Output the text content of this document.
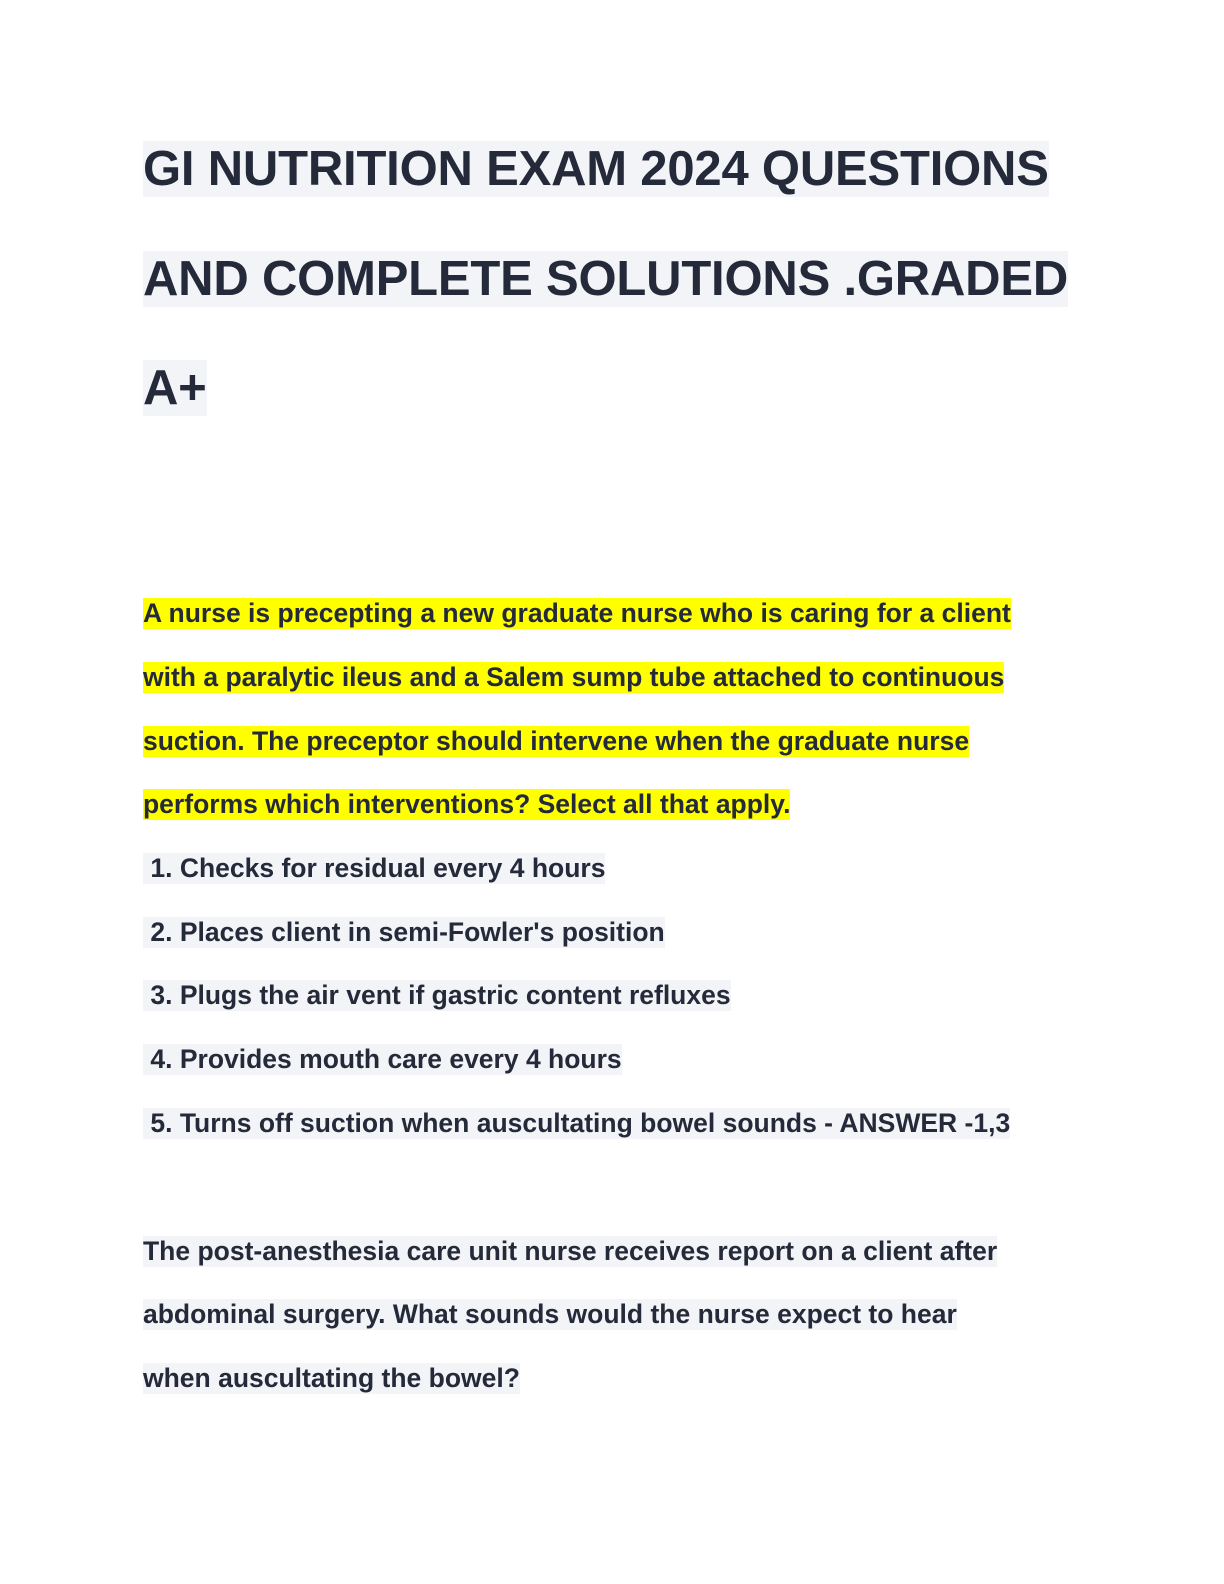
GI NUTRITION EXAM 2024 QUESTIONS
AND COMPLETE SOLUTIONS .GRADED
A+
A nurse is precepting a new graduate nurse who is caring for a client
with a paralytic ileus and a Salem sump tube attached to continuous
suction. The preceptor should intervene when the graduate nurse
performs which interventions? Select all that apply.
1. Checks for residual every 4 hours
2. Places client in semi-Fowler's position
3. Plugs the air vent if gastric content refluxes
4. Provides mouth care every 4 hours
5. Turns off suction when auscultating bowel sounds - ANSWER -1,3
The post-anesthesia care unit nurse receives report on a client after
abdominal surgery. What sounds would the nurse expect to hear
when auscultating the bowel?
